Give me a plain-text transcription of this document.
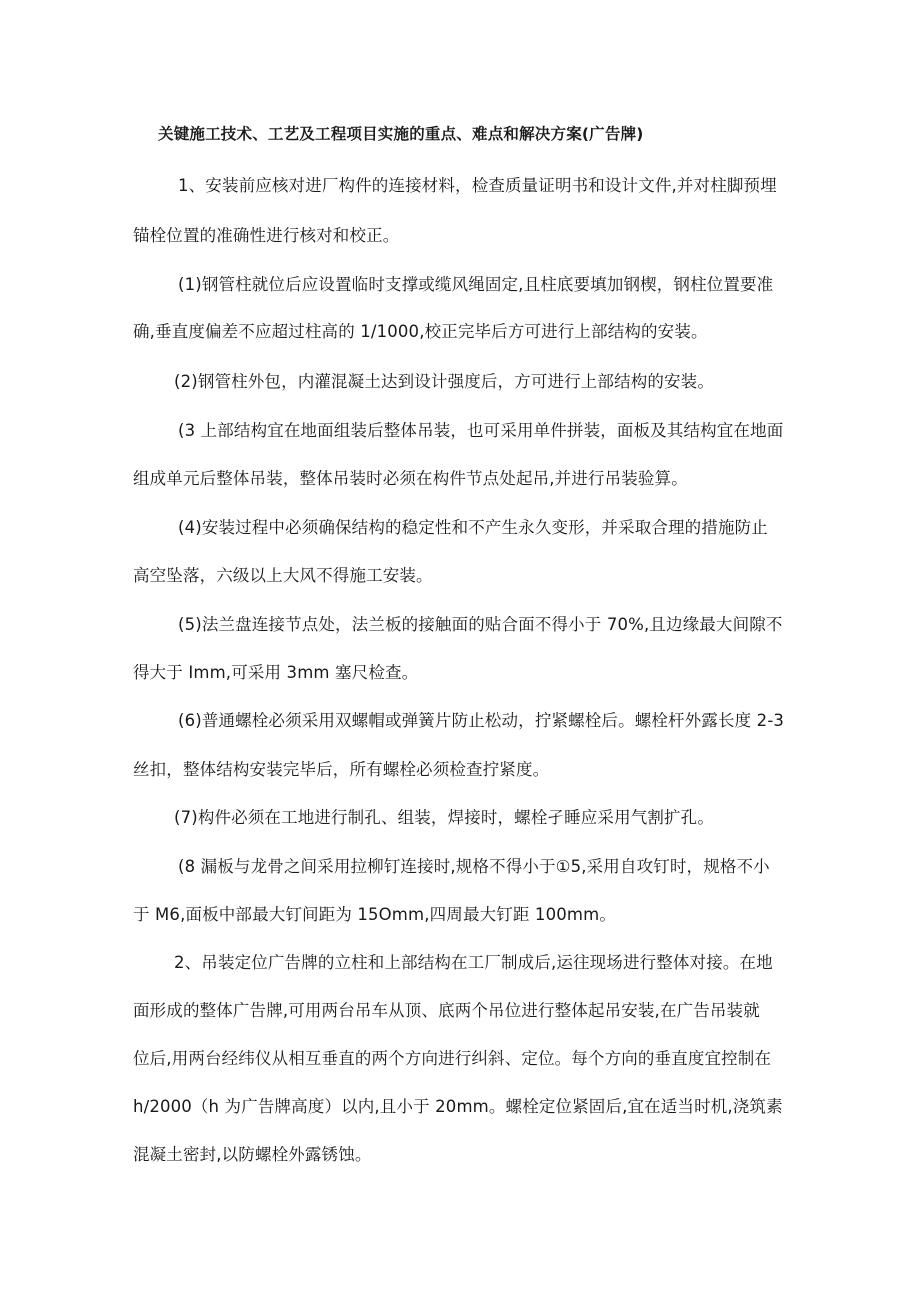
关键施工技术、工艺及工程项目实施的重点、难点和解决方案(广告牌)
1、安装前应核对进厂构件的连接材料，检查质量证明书和设计文件,并对柱脚预埋
锚栓位置的准确性进行核对和校正。
(1)钢管柱就位后应设置临时支撑或缆风绳固定,且柱底要填加钢楔，钢柱位置要准
确,垂直度偏差不应超过柱高的 1/1000,校正完毕后方可进行上部结构的安装。
(2)钢管柱外包，内灌混凝土达到设计强度后，方可进行上部结构的安装。
(3 上部结构宜在地面组装后整体吊装，也可采用单件拼装，面板及其结构宜在地面
组成单元后整体吊装，整体吊装时必须在构件节点处起吊,并进行吊装验算。
(4)安装过程中必须确保结构的稳定性和不产生永久变形，并采取合理的措施防止
高空坠落，六级以上大风不得施工安装。
(5)法兰盘连接节点处，法兰板的接触面的贴合面不得小于 70%,且边缘最大间隙不
得大于 Imm,可采用 3mm 塞尺检查。
(6)普通螺栓必须采用双螺帽或弹簧片防止松动，拧紧螺栓后。螺栓杆外露长度 2-3
丝扣，整体结构安装完毕后，所有螺栓必须检查拧紧度。
(7)构件必须在工地进行制孔、组装，焊接时，螺栓孑睡应采用气割扩孔。
(8 漏板与龙骨之间采用拉柳钉连接时,规格不得小于①5,采用自攻钉时，规格不小
于 M6,面板中部最大钉间距为 15Omm,四周最大钉距 100mm。
2、吊装定位广告牌的立柱和上部结构在工厂制成后,运往现场进行整体对接。在地
面形成的整体广告牌,可用两台吊车从顶、底两个吊位进行整体起吊安装,在广告吊装就
位后,用两台经纬仪从相互垂直的两个方向进行纠斜、定位。每个方向的垂直度宜控制在
h∕2000（h 为广告牌高度）以内,且小于 20mm。螺栓定位紧固后,宜在适当时机,浇筑素
混凝土密封,以防螺栓外露锈蚀。
